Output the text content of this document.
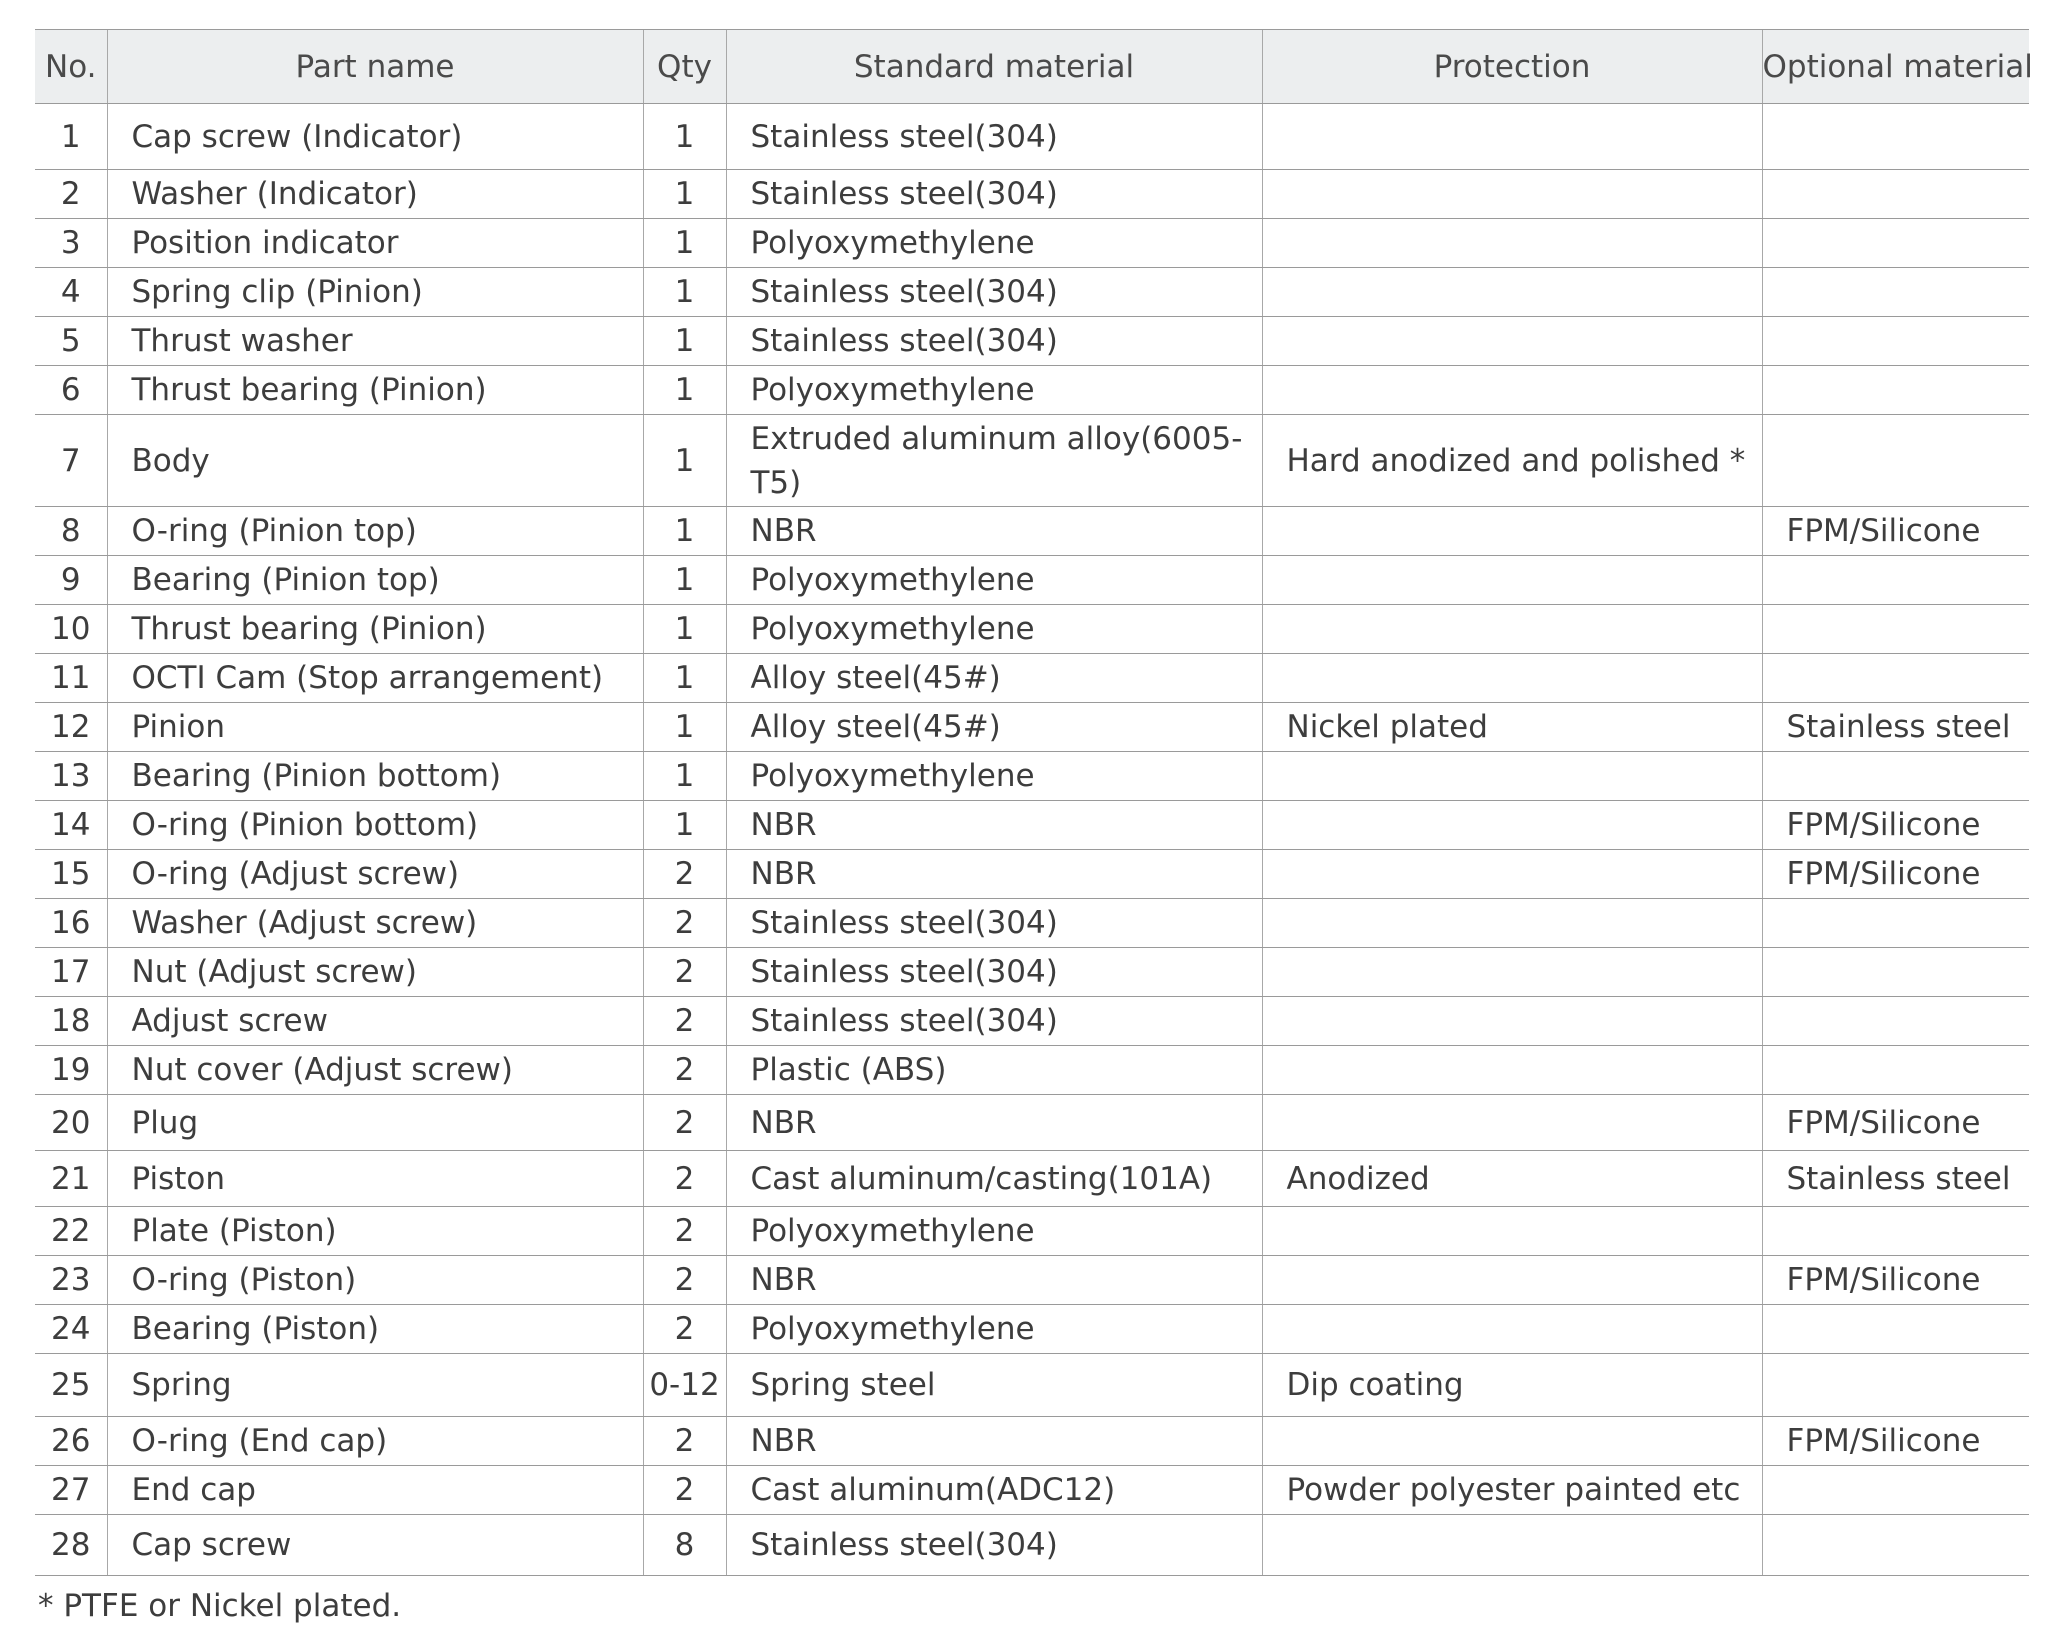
No.	Part name	Qty	Standard material	Protection	Optional material
1	Cap screw (Indicator)	1	Stainless steel(304)		
2	Washer (Indicator)	1	Stainless steel(304)		
3	Position indicator	1	Polyoxymethylene		
4	Spring clip (Pinion)	1	Stainless steel(304)		
5	Thrust washer	1	Stainless steel(304)		
6	Thrust bearing (Pinion)	1	Polyoxymethylene		
7	Body	1	Extruded aluminum alloy(6005-T5)	Hard anodized and polished *	
8	O-ring (Pinion top)	1	NBR		FPM/Silicone
9	Bearing (Pinion top)	1	Polyoxymethylene		
10	Thrust bearing (Pinion)	1	Polyoxymethylene		
11	OCTI Cam (Stop arrangement)	1	Alloy steel(45#)		
12	Pinion	1	Alloy steel(45#)	Nickel plated	Stainless steel
13	Bearing (Pinion bottom)	1	Polyoxymethylene		
14	O-ring (Pinion bottom)	1	NBR		FPM/Silicone
15	O-ring (Adjust screw)	2	NBR		FPM/Silicone
16	Washer (Adjust screw)	2	Stainless steel(304)		
17	Nut (Adjust screw)	2	Stainless steel(304)		
18	Adjust screw	2	Stainless steel(304)		
19	Nut cover (Adjust screw)	2	Plastic (ABS)		
20	Plug	2	NBR		FPM/Silicone
21	Piston	2	Cast aluminum/casting(101A)	Anodized	Stainless steel
22	Plate (Piston)	2	Polyoxymethylene		
23	O-ring (Piston)	2	NBR		FPM/Silicone
24	Bearing (Piston)	2	Polyoxymethylene		
25	Spring	0-12	Spring steel	Dip coating	
26	O-ring (End cap)	2	NBR		FPM/Silicone
27	End cap	2	Cast aluminum(ADC12)	Powder polyester painted etc	
28	Cap screw	8	Stainless steel(304)		
* PTFE or Nickel plated.
